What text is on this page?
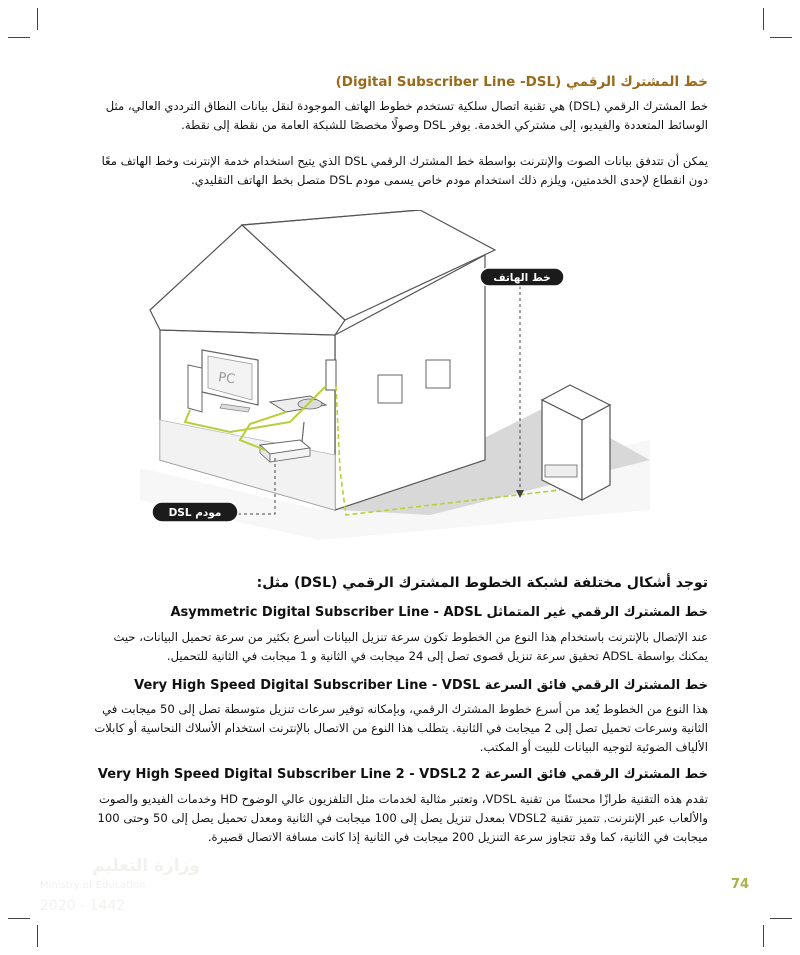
وزارة التعليم
Ministry of Education
2020 - 1442
خط المشترك الرقمي (Digital Subscriber Line -DSL)
خط المشترك الرقمي (DSL) هي تقنية اتصال سلكية تستخدم خطوط الهاتف الموجودة لنقل بيانات النطاق الترددي العالي، مثل الوسائط المتعددة والفيديو، إلى مشتركي الخدمة. يوفر DSL وصولًا مخصصًا للشبكة العامة من نقطة إلى نقطة.
يمكن أن تتدفق بيانات الصوت والإنترنت بواسطة خط المشترك الرقمي DSL الذي يتيح استخدام خدمة الإنترنت وخط الهاتف معًا دون انقطاع لإحدى الخدمتين، ويلزم ذلك استخدام مودم خاص يسمى مودم DSL متصل بخط الهاتف التقليدي.
PC
خط الهاتف
مودم DSL
توجد أشكال مختلفة لشبكة الخطوط المشترك الرقمي (DSL) مثل:
خط المشترك الرقمي غير المتماثل Asymmetric Digital Subscriber Line - ADSL
عند الإتصال بالإنترنت باستخدام هذا النوع من الخطوط تكون سرعة تنزيل البيانات أسرع بكثير من سرعة تحميل البيانات، حيث يمكنك بواسطة ADSL تحقيق سرعة تنزيل قصوى تصل إلى 24 ميجابت في الثانية و 1 ميجابت في الثانية للتحميل.
خط المشترك الرقمي فائق السرعة Very High Speed Digital Subscriber Line - VDSL
هذا النوع من الخطوط يُعد من أسرع خطوط المشترك الرقمي، وبإمكانه توفير سرعات تنزيل متوسطة تصل إلى 50 ميجابت في الثانية وسرعات تحميل تصل إلى 2 ميجابت في الثانية. يتطلب هذا النوع من الاتصال بالإنترنت استخدام الأسلاك النحاسية أو كابلات الألياف الضوئية لتوجيه البيانات للبيت أو المكتب.
خط المشترك الرقمي فائق السرعة 2 Very High Speed Digital Subscriber Line 2 - VDSL2
تقدم هذه التقنية طرازًا محسنًا من تقنية VDSL، وتعتبر مثالية لخدمات مثل التلفزيون عالي الوضوح HD وخدمات الفيديو والصوت والألعاب عبر الإنترنت. تتميز تقنية VDSL2 بمعدل تنزيل يصل إلى 100 ميجابت في الثانية ومعدل تحميل يصل إلى 50 وحتى 100 ميجابت في الثانية، كما وقد تتجاوز سرعة التنزيل 200 ميجابت في الثانية إذا كانت مسافة الاتصال قصيرة.
74
